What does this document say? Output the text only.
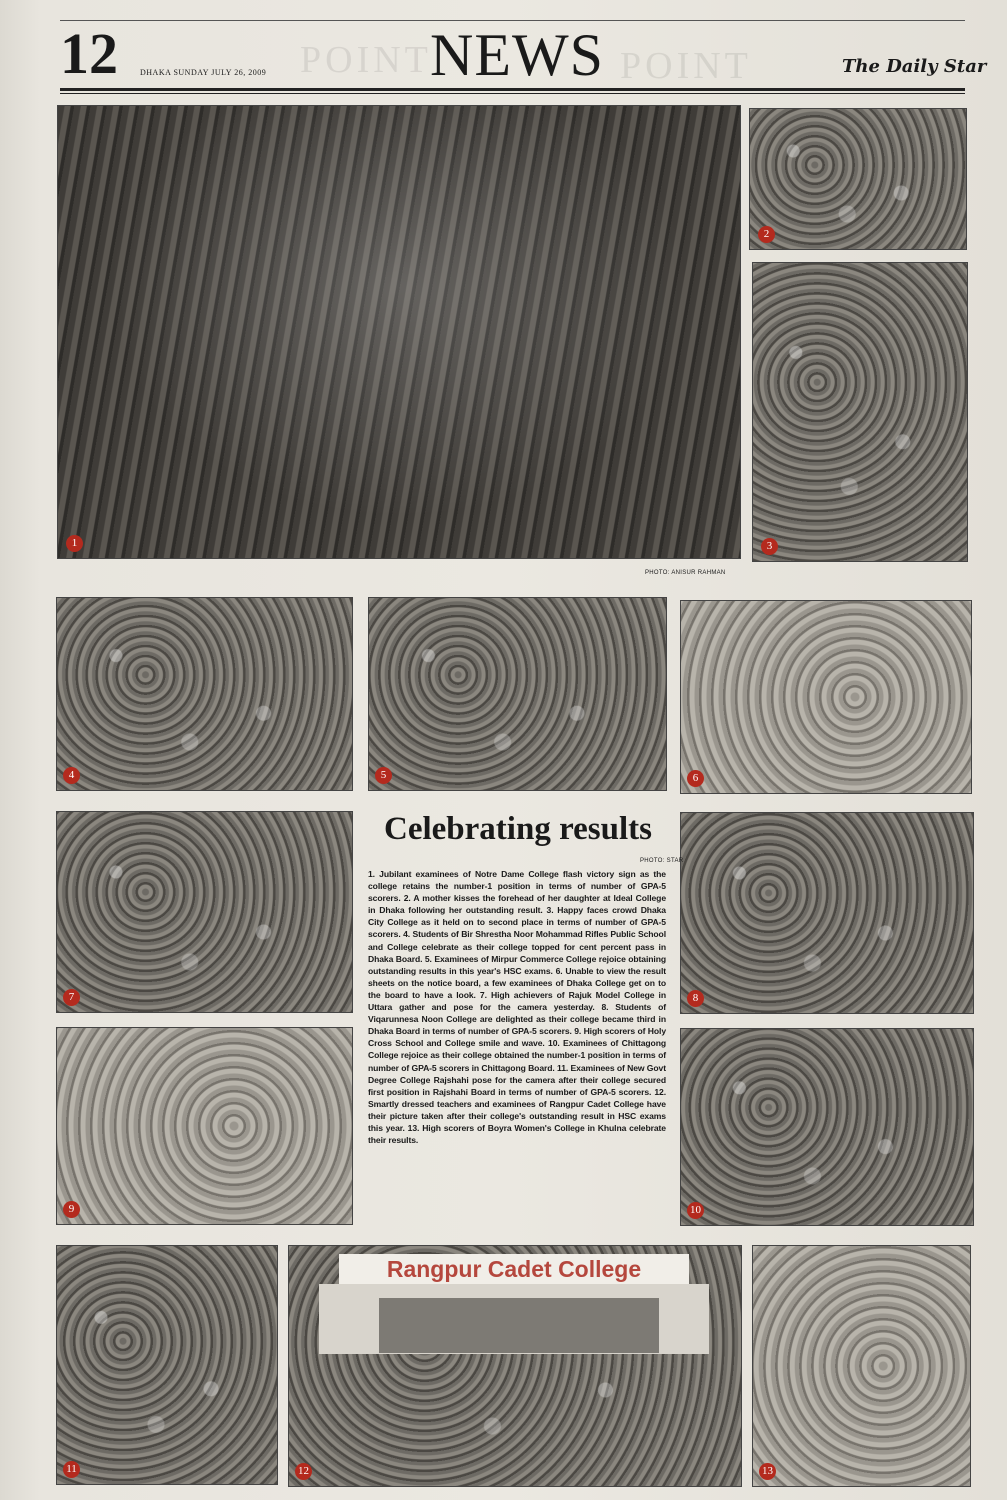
POINT	POINT
12	DHAKA SUNDAY JULY 26, 2009	NEWS	The Daily Star
1
2
3
PHOTO: ANISUR RAHMAN
4	5	6
7	8
Celebrating results
PHOTO: STAR
1. Jubilant examinees of Notre Dame College flash victory sign as the college retains the number-1 position in terms of number of GPA-5 scorers. 2. A mother kisses the forehead of her daughter at Ideal College in Dhaka following her outstanding result. 3. Happy faces crowd Dhaka City College as it held on to second place in terms of number of GPA-5 scorers. 4. Students of Bir Shrestha Noor Mohammad Rifles Public School and College celebrate as their college topped for cent percent pass in Dhaka Board. 5. Examinees of Mirpur Commerce College rejoice obtaining outstanding results in this year's HSC exams. 6. Unable to view the result sheets on the notice board, a few examinees of Dhaka College get on to the board to have a look. 7. High achievers of Rajuk Model College in Uttara gather and pose for the camera yesterday. 8. Students of Viqarunnesa Noon College are delighted as their college became third in Dhaka Board in terms of number of GPA-5 scorers. 9. High scorers of Holy Cross School and College smile and wave. 10. Examinees of Chittagong College rejoice as their college obtained the number-1 position in terms of number of GPA-5 scorers in Chittagong Board. 11. Examinees of New Govt Degree College Rajshahi pose for the camera after their college secured first position in Rajshahi Board in terms of number of GPA-5 scorers. 12. Smartly dressed teachers and examinees of Rangpur Cadet College have their picture taken after their college's outstanding result in HSC exams this year. 13. High scorers of Boyra Women's College in Khulna celebrate their results.
9	10
11
Rangpur Cadet College
12	13
